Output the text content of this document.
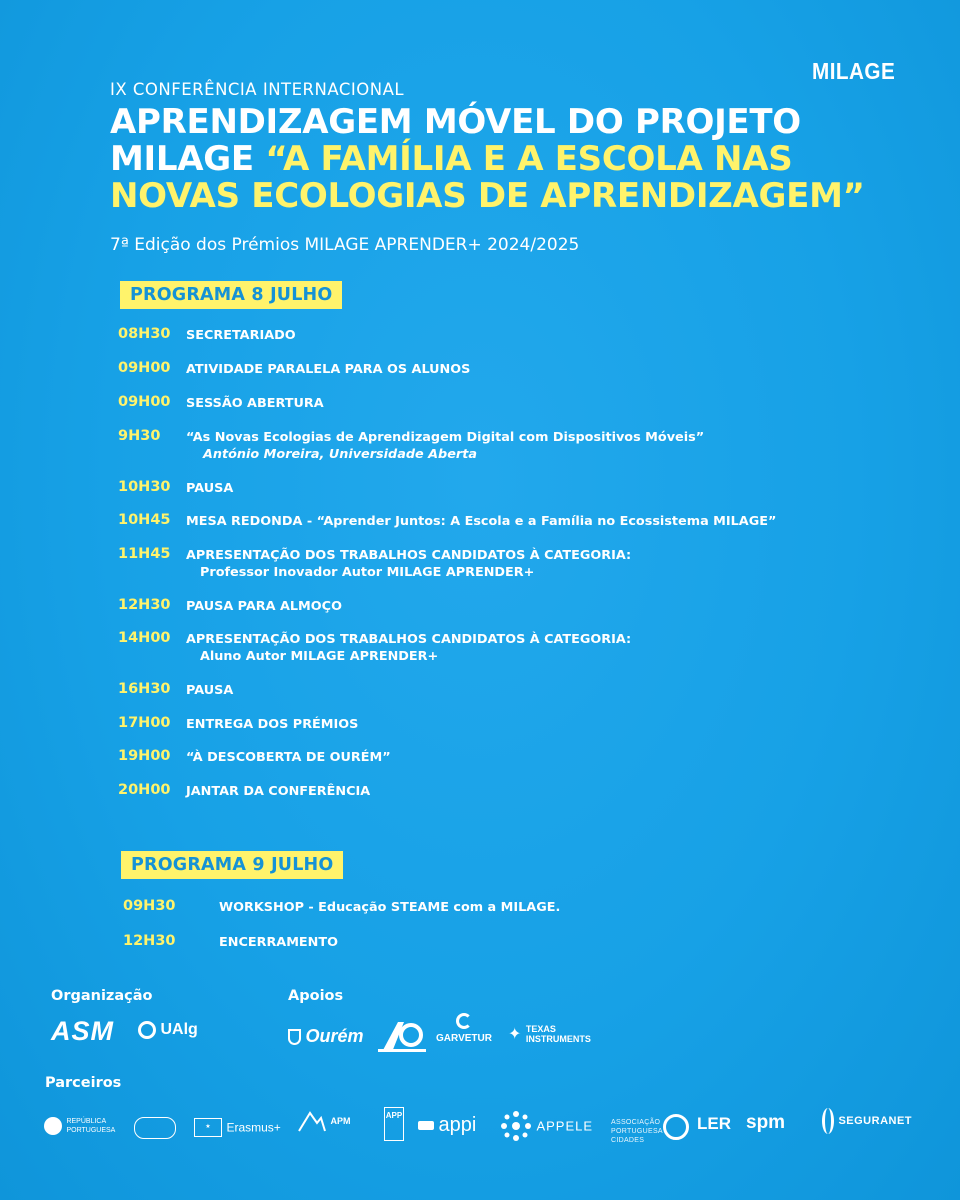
MILAGE
IX CONFERÊNCIA INTERNACIONAL
APRENDIZAGEM MÓVEL DO PROJETO MILAGE “A FAMÍLIA E A ESCOLA NAS NOVAS ECOLOGIAS DE APRENDIZAGEM”
7ª Edição dos Prémios MILAGE APRENDER+ 2024/2025
PROGRAMA 8 JULHO
08H30 SECRETARIADO
09H00 ATIVIDADE PARALELA PARA OS ALUNOS
09H00 SESSÃO ABERTURA
9H30 “As Novas Ecologias de Aprendizagem Digital com Dispositivos Móveis”
António Moreira, Universidade Aberta
10H30 PAUSA
10H45 MESA REDONDA - “Aprender Juntos: A Escola e a Família no Ecossistema MILAGE”
11H45 APRESENTAÇÃO DOS TRABALHOS CANDIDATOS À CATEGORIA:
Professor Inovador Autor MILAGE APRENDER+
12H30 PAUSA PARA ALMOÇO
14H00 APRESENTAÇÃO DOS TRABALHOS CANDIDATOS À CATEGORIA:
Aluno Autor MILAGE APRENDER+
16H30 PAUSA
17H00 ENTREGA DOS PRÉMIOS
19H00 “À DESCOBERTA DE OURÉM”
20H00 JANTAR DA CONFERÊNCIA
PROGRAMA 9 JULHO
09H30	WORKSHOP - Educação STEAME com a MILAGE.
12H30	ENCERRAMENTO
Organização	Apoios
Parceiros
ASM	UAlg	Ourém	GARVETUR ✦ TEXAS INSTRUMENTS
REPÚBLICA PORTUGUESA	★ Erasmus+	APM
APP	appi	APPELE	ASSOCIAÇÃO PORTUGUESA CIDADES
LER spm	SEGURANET
